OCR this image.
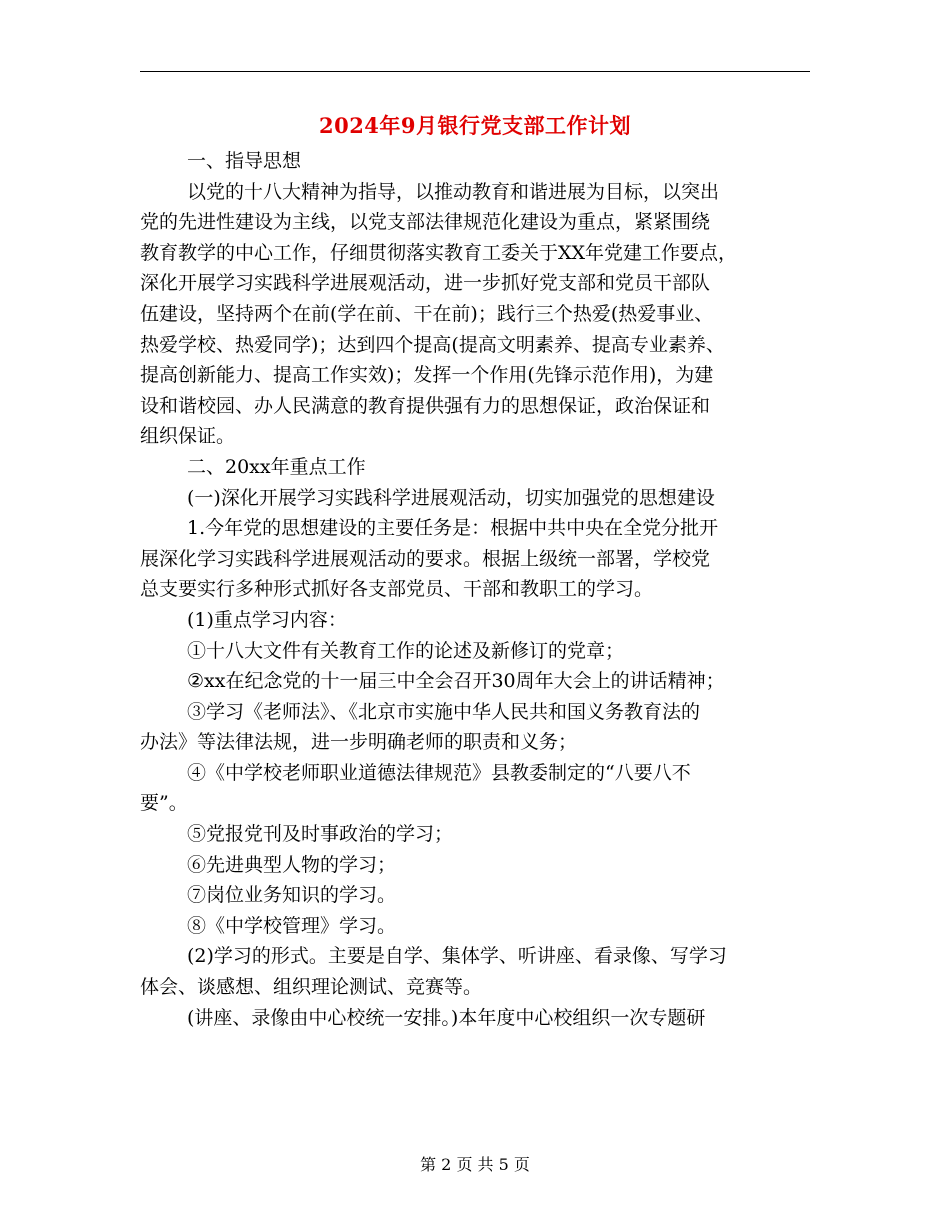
2024年9月银行党支部工作计划
一、指导思想
以党的十八大精神为指导，以推动教育和谐进展为目标，以突出
党的先进性建设为主线，以党支部法律规范化建设为重点，紧紧围绕
教育教学的中心工作，仔细贯彻落实教育工委关于XX年党建工作要点，
深化开展学习实践科学进展观活动，进一步抓好党支部和党员干部队
伍建设，坚持两个在前(学在前、干在前)；践行三个热爱(热爱事业、
热爱学校、热爱同学)；达到四个提高(提高文明素养、提高专业素养、
提高创新能力、提高工作实效)；发挥一个作用(先锋示范作用)，为建
设和谐校园、办人民满意的教育提供强有力的思想保证，政治保证和
组织保证。
二、20xx年重点工作
(一)深化开展学习实践科学进展观活动，切实加强党的思想建设
1.今年党的思想建设的主要任务是：根据中共中央在全党分批开
展深化学习实践科学进展观活动的要求。根据上级统一部署，学校党
总支要实行多种形式抓好各支部党员、干部和教职工的学习。
(1)重点学习内容：
①十八大文件有关教育工作的论述及新修订的党章；
②xx在纪念党的十一届三中全会召开30周年大会上的讲话精神；
③学习《老师法》、《北京市实施中华人民共和国义务教育法的
办法》等法律法规，进一步明确老师的职责和义务；
④《中学校老师职业道德法律规范》县教委制定的“八要八不
要”。
⑤党报党刊及时事政治的学习；
⑥先进典型人物的学习；
⑦岗位业务知识的学习。
⑧《中学校管理》学习。
(2)学习的形式。主要是自学、集体学、听讲座、看录像、写学习
体会、谈感想、组织理论测试、竞赛等。
(讲座、录像由中心校统一安排。)本年度中心校组织一次专题研
第 2 页 共 5 页
